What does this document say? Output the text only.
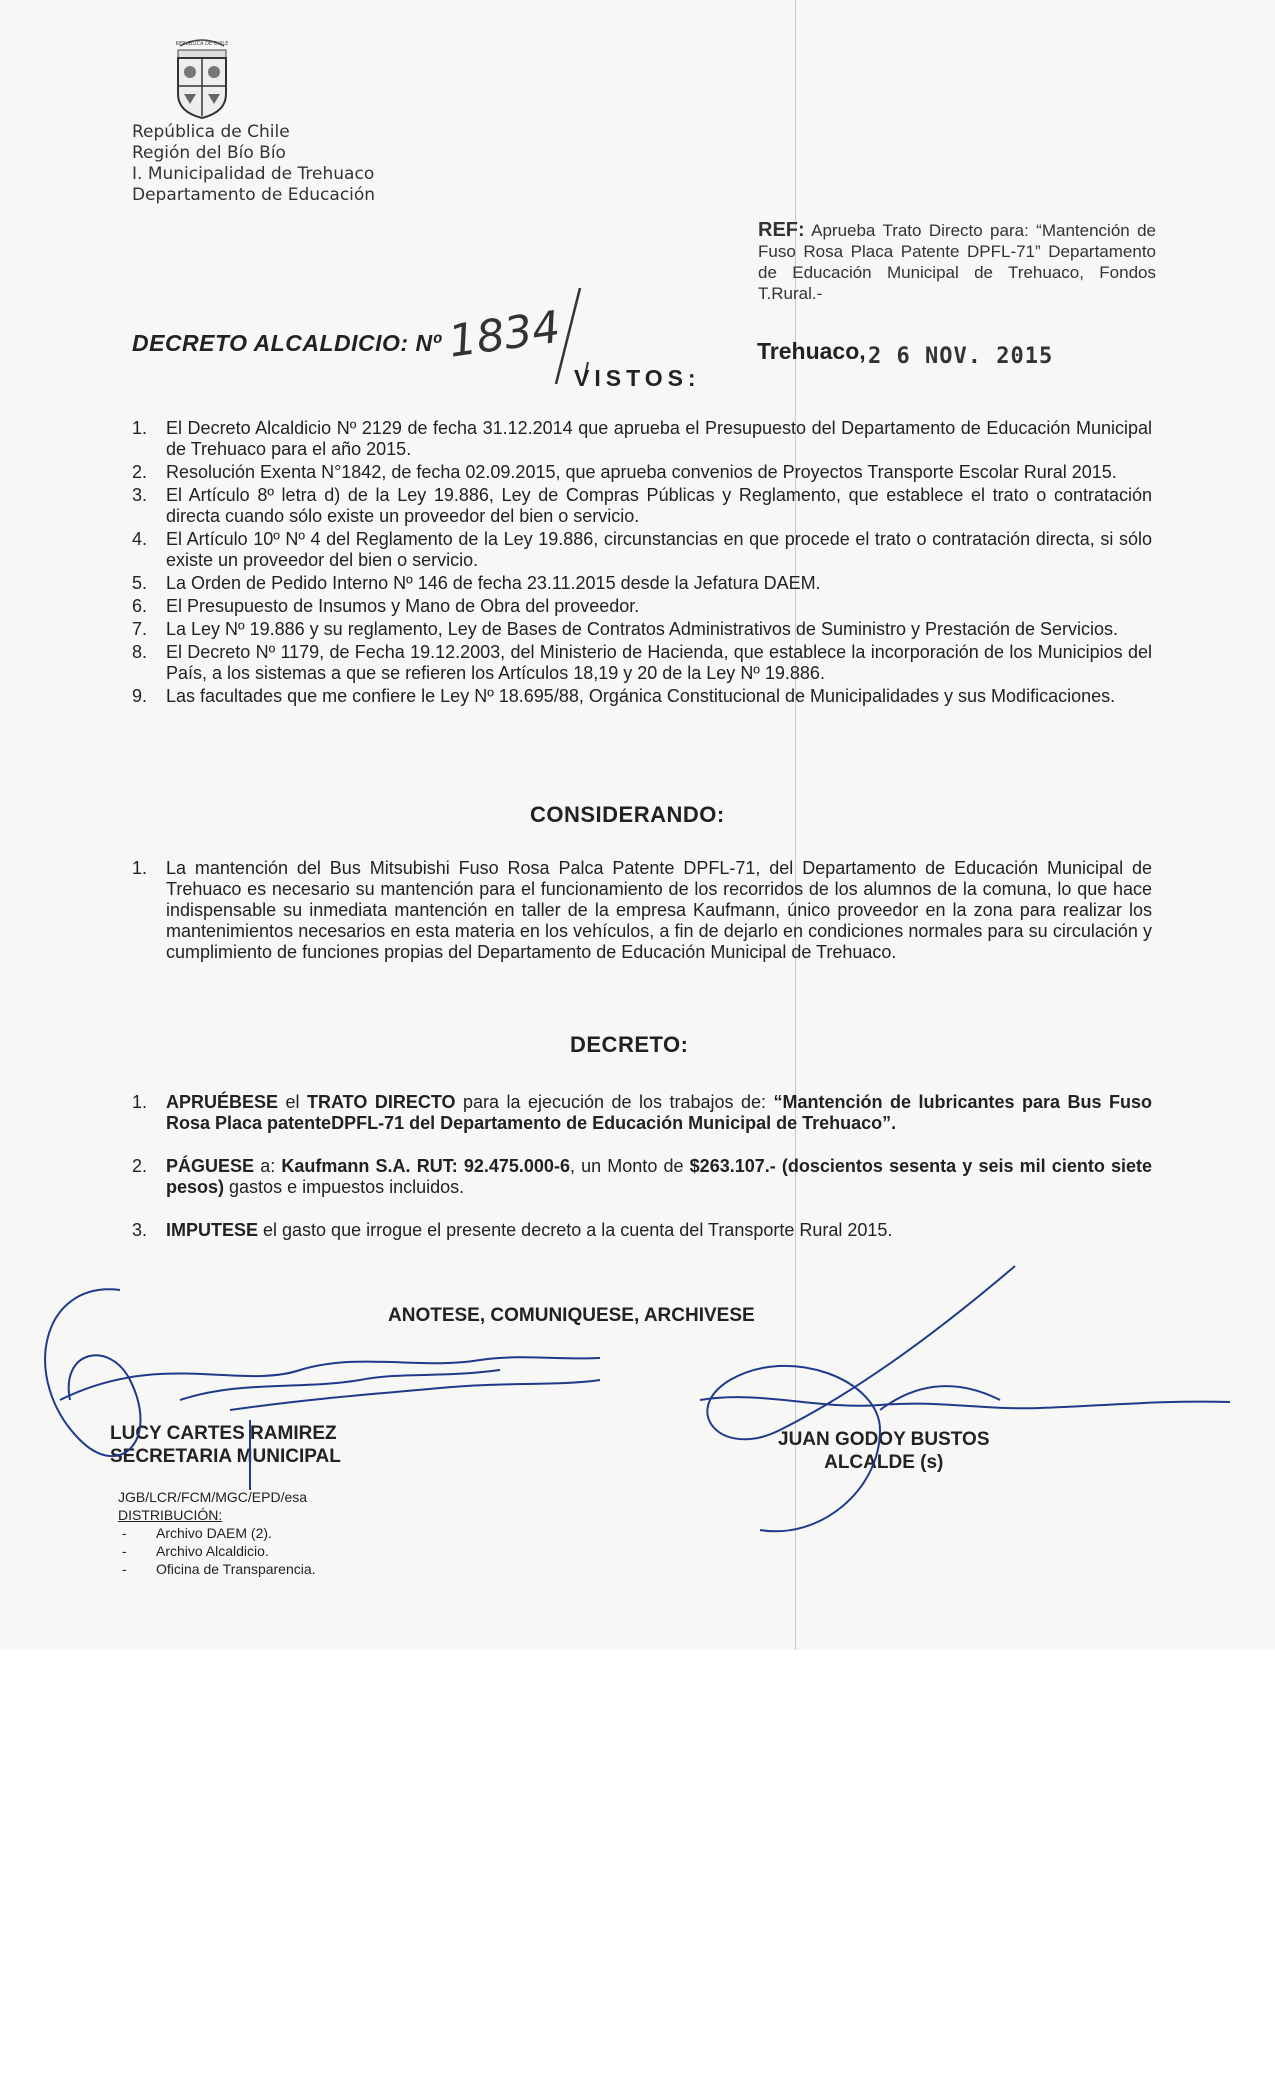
REPUBLICA DE CHILE
República de Chile
Región del Bío Bío
I. Municipalidad de Trehuaco
Departamento de Educación
REF: Aprueba Trato Directo para: “Mantención de Fuso Rosa Placa Patente DPFL-71” Departamento de Educación Municipal de Trehuaco, Fondos T.Rural.-
DECRETO ALCALDICIO: Nº 1834
VISTOS:
Trehuaco, 2 6 NOV. 2015
1. El Decreto Alcaldicio Nº 2129 de fecha 31.12.2014 que aprueba el Presupuesto del Departamento de Educación Municipal de Trehuaco para el año 2015.
2. Resolución Exenta N°1842, de fecha 02.09.2015, que aprueba convenios de Proyectos Transporte Escolar Rural 2015.
3. El Artículo 8º letra d) de la Ley 19.886, Ley de Compras Públicas y Reglamento, que establece el trato o contratación directa cuando sólo existe un proveedor del bien o servicio.
4. El Artículo 10º Nº 4 del Reglamento de la Ley 19.886, circunstancias en que procede el trato o contratación directa, si sólo existe un proveedor del bien o servicio.
5. La Orden de Pedido Interno Nº 146 de fecha 23.11.2015 desde la Jefatura DAEM.
6. El Presupuesto de Insumos y Mano de Obra del proveedor.
7. La Ley Nº 19.886 y su reglamento, Ley de Bases de Contratos Administrativos de Suministro y Prestación de Servicios.
8. El Decreto Nº 1179, de Fecha 19.12.2003, del Ministerio de Hacienda, que establece la incorporación de los Municipios del País, a los sistemas a que se refieren los Artículos 18,19 y 20 de la Ley Nº 19.886.
9. Las facultades que me confiere le Ley Nº 18.695/88, Orgánica Constitucional de Municipalidades y sus Modificaciones.
CONSIDERANDO:
1. La mantención del Bus Mitsubishi Fuso Rosa Palca Patente DPFL-71, del Departamento de Educación Municipal de Trehuaco es necesario su mantención para el funcionamiento de los recorridos de los alumnos de la comuna, lo que hace indispensable su inmediata mantención en taller de la empresa Kaufmann, único proveedor en la zona para realizar los mantenimientos necesarios en esta materia en los vehículos, a fin de dejarlo en condiciones normales para su circulación y cumplimiento de funciones propias del Departamento de Educación Municipal de Trehuaco.
DECRETO:
1. APRUÉBESE el TRATO DIRECTO para la ejecución de los trabajos de: “Mantención de lubricantes para Bus Fuso Rosa Placa patenteDPFL-71 del Departamento de Educación Municipal de Trehuaco”.
2. PÁGUESE a: Kaufmann S.A. RUT: 92.475.000-6, un Monto de $263.107.- (doscientos sesenta y seis mil ciento siete pesos) gastos e impuestos incluidos.
3. IMPUTESE el gasto que irrogue el presente decreto a la cuenta del Transporte Rural 2015.
ANOTESE, COMUNIQUESE, ARCHIVESE
LUCY CARTES RAMIREZ
SECRETARIA MUNICIPAL
JUAN GODOY BUSTOS
ALCALDE (s)
JGB/LCR/FCM/MGC/EPD/esa
DISTRIBUCIÓN:
- Archivo DAEM (2).
- Archivo Alcaldicio.
- Oficina de Transparencia.
